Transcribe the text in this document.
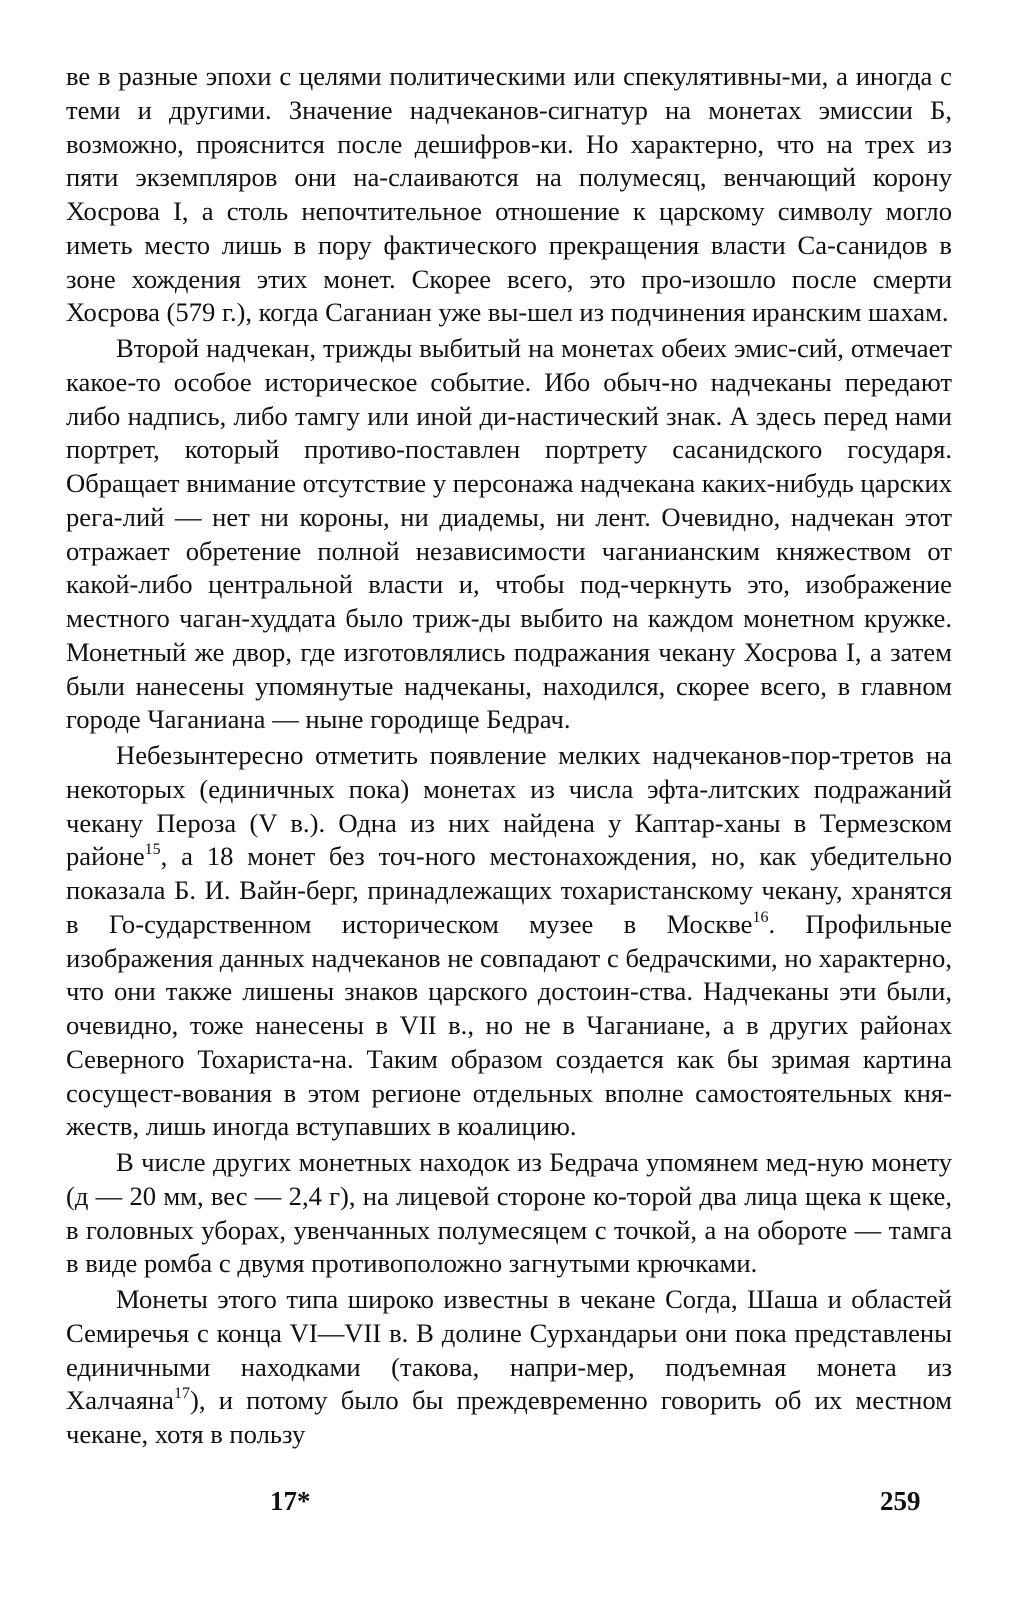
ве в разные эпохи с целями политическими или спекулятивны-ми, а иногда с теми и другими. Значение надчеканов-сигнатур на монетах эмиссии Б, возможно, прояснится после дешифров-ки. Но характерно, что на трех из пяти экземпляров они на-слаиваются на полумесяц, венчающий корону Хосрова I, а столь непочтительное отношение к царскому символу могло иметь место лишь в пору фактического прекращения власти Са-санидов в зоне хождения этих монет. Скорее всего, это про-изошло после смерти Хосрова (579 г.), когда Саганиан уже вы-шел из подчинения иранским шахам.

Второй надчекан, трижды выбитый на монетах обеих эмис-сий, отмечает какое-то особое историческое событие. Ибо обыч-но надчеканы передают либо надпись, либо тамгу или иной ди-настический знак. А здесь перед нами портрет, который противо-поставлен портрету сасанидского государя. Обращает внимание отсутствие у персонажа надчекана каких-нибудь царских рега-лий — нет ни короны, ни диадемы, ни лент. Очевидно, надчекан этот отражает обретение полной независимости чаганианским княжеством от какой-либо центральной власти и, чтобы под-черкнуть это, изображение местного чаган-худдата было триж-ды выбито на каждом монетном кружке. Монетный же двор, где изготовлялись подражания чекану Хосрова I, а затем были нанесены упомянутые надчеканы, находился, скорее всего, в главном городе Чаганиана — ныне городище Бедрач.

Небезынтересно отметить появление мелких надчеканов-пор-третов на некоторых (единичных пока) монетах из числа эфта-литских подражаний чекану Пероза (V в.). Одна из них найдена у Каптар-ханы в Термезском районе$^{15}$, а 18 монет без точ-ного местонахождения, но, как убедительно показала Б. И. Вайн-берг, принадлежащих тохаристанскому чекану, хранятся в Го-сударственном историческом музее в Москве$^{16}$. Профильные изображения данных надчеканов не совпадают с бедрачскими, но характерно, что они также лишены знаков царского достоин-ства. Надчеканы эти были, очевидно, тоже нанесены в VII в., но не в Чаганиане, а в других районах Северного Тохариста-на. Таким образом создается как бы зримая картина сосущест-вования в этом регионе отдельных вполне самостоятельных кня-жеств, лишь иногда вступавших в коалицию.

В числе других монетных находок из Бедрача упомянем мед-ную монету (д — 20 мм, вес — 2,4 г), на лицевой стороне ко-торой два лица щека к щеке, в головных уборах, увенчанных полумесяцем с точкой, а на обороте — тамга в виде ромба с двумя противоположно загнутыми крючками.

Монеты этого типа широко известны в чекане Согда, Шаша и областей Семиречья с конца VI—VII в. В долине Сурхандарьи они пока представлены единичными находками (такова, напри-мер, подъемная монета из Халчаяна$^{17}$), и потому было бы преждевременно говорить об их местном чекане, хотя в пользу

17*	259
